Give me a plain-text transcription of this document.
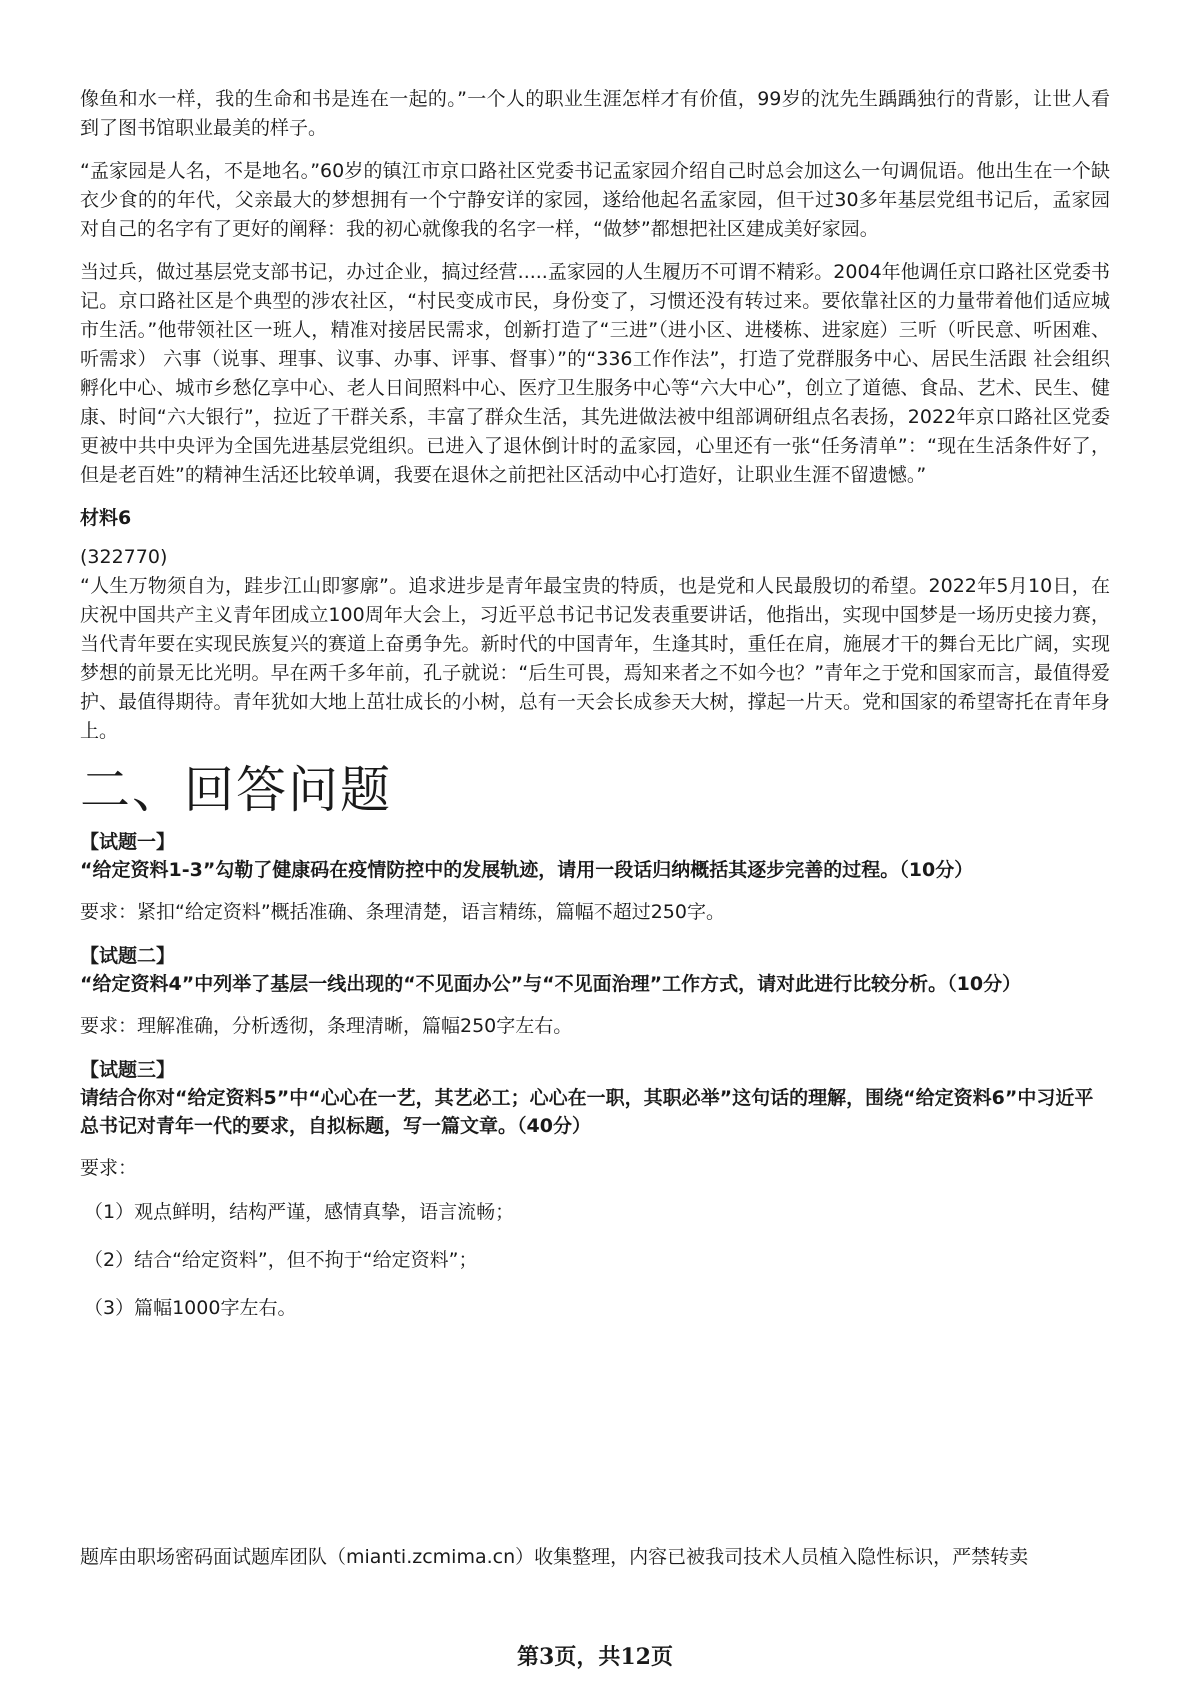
像鱼和水一样，我的生命和书是连在一起的。”一个人的职业生涯怎样才有价值，99岁的沈先生踽踽独行的背影，让世人看到了图书馆职业最美的样子。

“孟家园是人名，不是地名。”60岁的镇江市京口路社区党委书记孟家园介绍自己时总会加这么一句调侃语。他出生在一个缺衣少食的的年代，父亲最大的梦想拥有一个宁静安详的家园，遂给他起名孟家园，但干过30多年基层党组书记后，孟家园对自己的名字有了更好的阐释：我的初心就像我的名字一样，“做梦”都想把社区建成美好家园。

当过兵，做过基层党支部书记，办过企业，搞过经营.....孟家园的人生履历不可谓不精彩。2004年他调任京口路社区党委书记。京口路社区是个典型的涉农社区，“村民变成市民，身份变了，习惯还没有转过来。要依靠社区的力量带着他们适应城市生活。”他带领社区一班人，精准对接居民需求，创新打造了“三进”（进小区、进楼栋、进家庭）三听（听民意、听困难、听需求） 六事（说事、理事、议事、办事、评事、督事）”的“336工作作法”，打造了党群服务中心、居民生活跟 社会组织孵化中心、城市乡愁亿享中心、老人日间照料中心、医疗卫生服务中心等“六大中心”，创立了道德、食品、艺术、民生、健康、时间“六大银行”，拉近了干群关系，丰富了群众生活，其先进做法被中组部调研组点名表扬，2022年京口路社区党委更被中共中央评为全国先进基层党组织。已进入了退休倒计时的孟家园，心里还有一张“任务清单”：“现在生活条件好了，但是老百姓”的精神生活还比较单调，我要在退休之前把社区活动中心打造好，让职业生涯不留遗憾。”

材料6
(322770)

“人生万物须自为，跬步江山即寥廓”。追求进步是青年最宝贵的特质，也是党和人民最殷切的希望。2022年5月10日，在庆祝中国共产主义青年团成立100周年大会上，习近平总书记书记发表重要讲话，他指出，实现中国梦是一场历史接力赛，当代青年要在实现民族复兴的赛道上奋勇争先。新时代的中国青年，生逢其时，重任在肩，施展才干的舞台无比广阔，实现梦想的前景无比光明。早在两千多年前，孔子就说：“后生可畏，焉知来者之不如今也？”青年之于党和国家而言，最值得爱护、最值得期待。青年犹如大地上茁壮成长的小树，总有一天会长成参天大树，撑起一片天。党和国家的希望寄托在青年身上。

二、回答问题
【试题一】
“给定资料1-3”勾勒了健康码在疫情防控中的发展轨迹，请用一段话归纳概括其逐步完善的过程。（10分）
要求：紧扣“给定资料”概括准确、条理清楚，语言精练，篇幅不超过250字。
【试题二】
“给定资料4”中列举了基层一线出现的“不见面办公”与“不见面治理”工作方式，请对此进行比较分析。（10分）
要求：理解准确，分析透彻，条理清晰，篇幅250字左右。
【试题三】
请结合你对“给定资料5”中“心心在一艺，其艺必工；心心在一职，其职必举”这句话的理解，围绕“给定资料6”中习近平总书记对青年一代的要求，自拟标题，写一篇文章。（40分）
要求：
（1）观点鲜明，结构严谨，感情真挚，语言流畅；
（2）结合“给定资料”，但不拘于“给定资料”；
（3）篇幅1000字左右。
题库由职场密码面试题库团队（mianti.zcmima.cn）收集整理，内容已被我司技术人员植入隐性标识，严禁转卖
第3页，共12页
